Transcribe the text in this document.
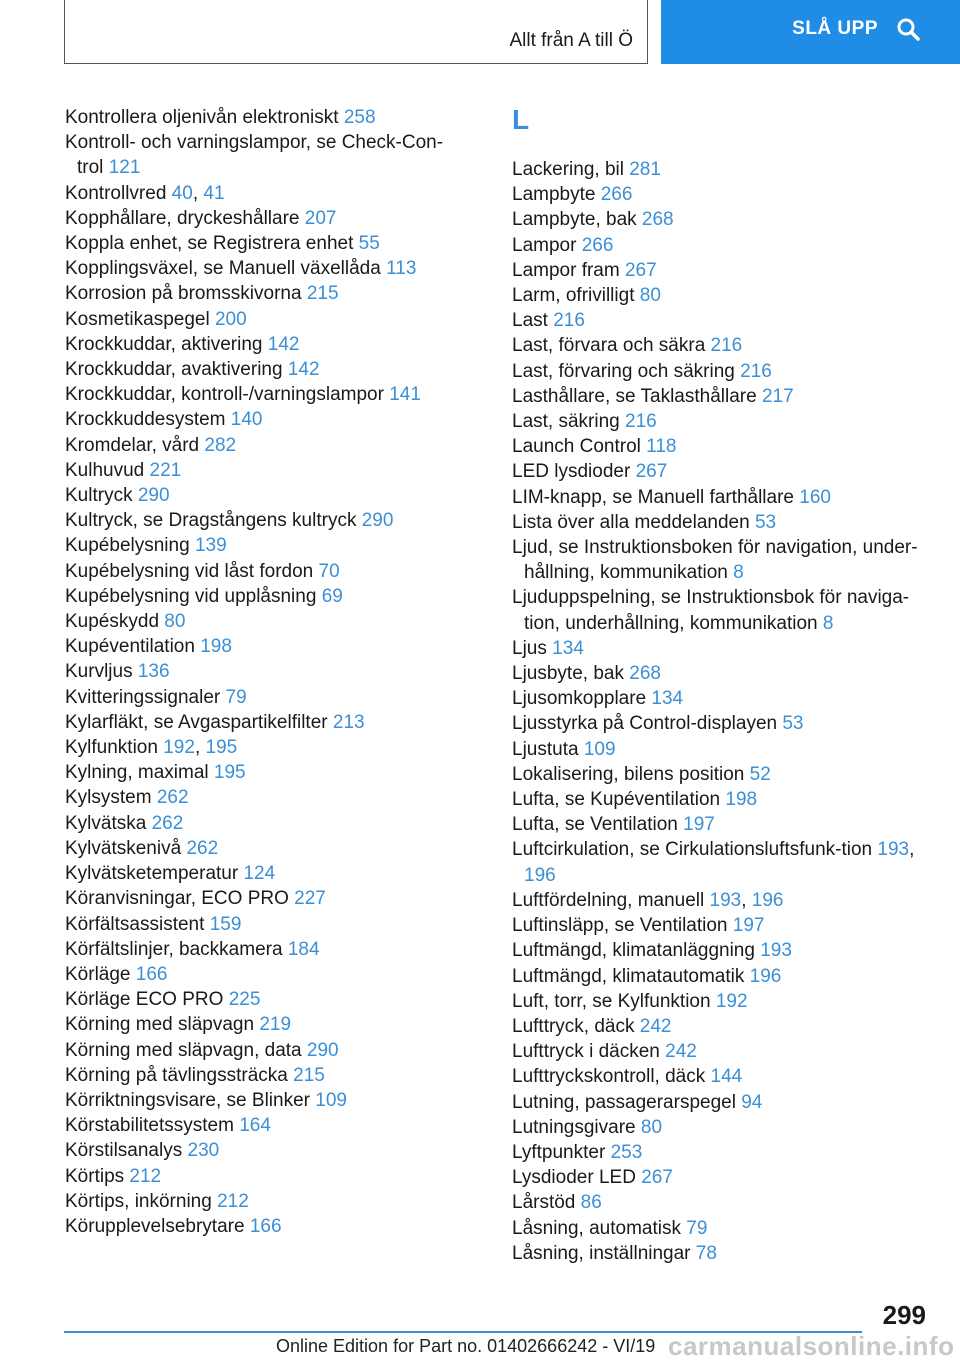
Allt från A till Ö
SLÅ UPP
Kontrollera oljenivån elektroniskt 258
Kontroll- och varningslampor, se Check-Con-trol 121
Kontrollvred 40, 41
Kopphållare, dryckeshållare 207
Koppla enhet, se Registrera enhet 55
Kopplingsväxel, se Manuell växellåda 113
Korrosion på bromsskivorna 215
Kosmetikaspegel 200
Krockkuddar, aktivering 142
Krockkuddar, avaktivering 142
Krockkuddar, kontroll-/varningslampor 141
Krockkuddesystem 140
Kromdelar, vård 282
Kulhuvud 221
Kultryck 290
Kultryck, se Dragstångens kultryck 290
Kupébelysning 139
Kupébelysning vid låst fordon 70
Kupébelysning vid upplåsning 69
Kupéskydd 80
Kupéventilation 198
Kurvljus 136
Kvitteringssignaler 79
Kylarfläkt, se Avgaspartikelfilter 213
Kylfunktion 192, 195
Kylning, maximal 195
Kylsystem 262
Kylvätska 262
Kylvätskenivå 262
Kylvätsketemperatur 124
Köranvisningar, ECO PRO 227
Körfältsassistent 159
Körfältslinjer, backkamera 184
Körläge 166
Körläge ECO PRO 225
Körning med släpvagn 219
Körning med släpvagn, data 290
Körning på tävlingssträcka 215
Körriktningsvisare, se Blinker 109
Körstabilitetssystem 164
Körstilsanalys 230
Körtips 212
Körtips, inkörning 212
Körupplevelsebrytare 166
L
Lackering, bil 281
Lampbyte 266
Lampbyte, bak 268
Lampor 266
Lampor fram 267
Larm, ofrivilligt 80
Last 216
Last, förvara och säkra 216
Last, förvaring och säkring 216
Lasthållare, se Taklasthållare 217
Last, säkring 216
Launch Control 118
LED lysdioder 267
LIM-knapp, se Manuell farthållare 160
Lista över alla meddelanden 53
Ljud, se Instruktionsboken för navigation, under-hållning, kommunikation 8
Ljuduppspelning, se Instruktionsbok för naviga-tion, underhållning, kommunikation 8
Ljus 134
Ljusbyte, bak 268
Ljusomkopplare 134
Ljusstyrka på Control-displayen 53
Ljustuta 109
Lokalisering, bilens position 52
Lufta, se Kupéventilation 198
Lufta, se Ventilation 197
Luftcirkulation, se Cirkulationsluftsfunk-tion 193, 196
Luftfördelning, manuell 193, 196
Luftinsläpp, se Ventilation 197
Luftmängd, klimatanläggning 193
Luftmängd, klimatautomatik 196
Luft, torr, se Kylfunktion 192
Lufttryck, däck 242
Lufttryck i däcken 242
Lufttryckskontroll, däck 144
Lutning, passagerarspegel 94
Lutningsgivare 80
Lyftpunkter 253
Lysdioder LED 267
Lårstöd 86
Låsning, automatisk 79
Låsning, inställningar 78
299
Online Edition for Part no. 01402666242 - VI/19 carmanualsonline.info
